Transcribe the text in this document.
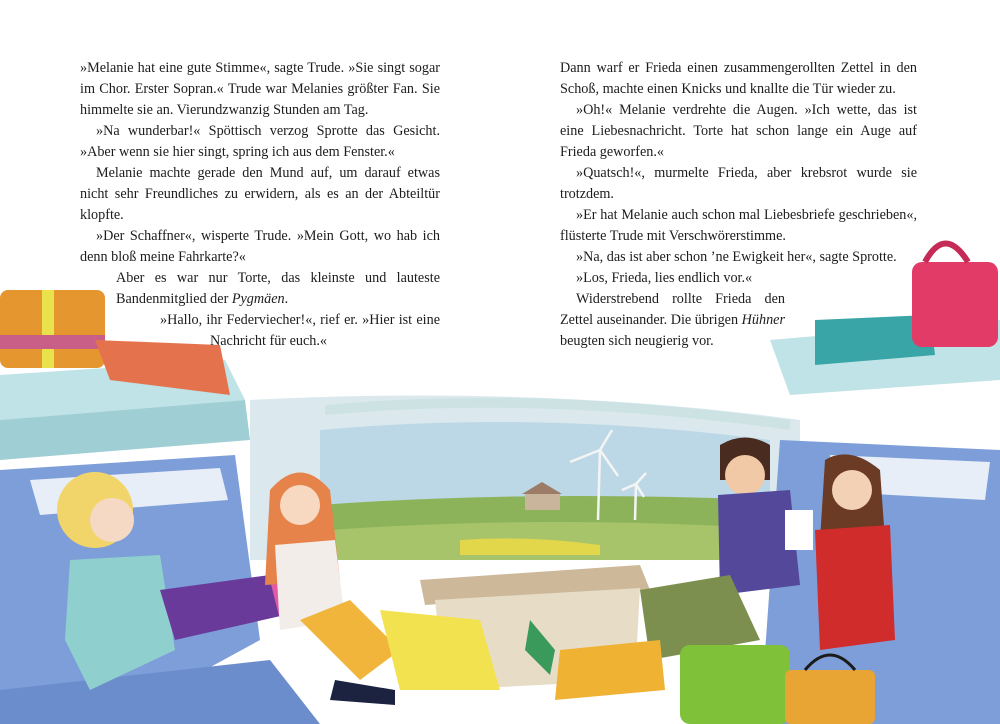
»Melanie hat eine gute Stimme«, sagte Trude. »Sie singt sogar im Chor. Erster Sopran.« Trude war Melanies größter Fan. Sie himmelte sie an. Vierundzwanzig Stunden am Tag.
»Na wunderbar!« Spöttisch verzog Sprotte das Gesicht. »Aber wenn sie hier singt, spring ich aus dem Fenster.«
Melanie machte gerade den Mund auf, um darauf etwas nicht sehr Freundliches zu erwidern, als es an der Abteiltür klopfte.
»Der Schaffner«, wisperte Trude. »Mein Gott, wo hab ich denn bloß meine Fahrkarte?«
Aber es war nur Torte, das kleinste und lauteste Bandenmitglied der Pygmäen.
»Hallo, ihr Federviecher!«, rief er. »Hier ist eine Nachricht für euch.«
Dann warf er Frieda einen zusammengerollten Zettel in den Schoß, machte einen Knicks und knallte die Tür wieder zu.
»Oh!« Melanie verdrehte die Augen. »Ich wette, das ist eine Liebesnachricht. Torte hat schon lange ein Auge auf Frieda geworfen.«
»Quatsch!«, murmelte Frieda, aber krebsrot wurde sie trotzdem.
»Er hat Melanie auch schon mal Liebesbriefe geschrieben«, flüsterte Trude mit Verschwörerstimme.
»Na, das ist aber schon ’ne Ewigkeit her«, sagte Sprotte.
»Los, Frieda, lies endlich vor.«
Widerstrebend rollte Frieda den Zettel auseinander. Die übrigen Hühner beugten sich neugierig vor.
